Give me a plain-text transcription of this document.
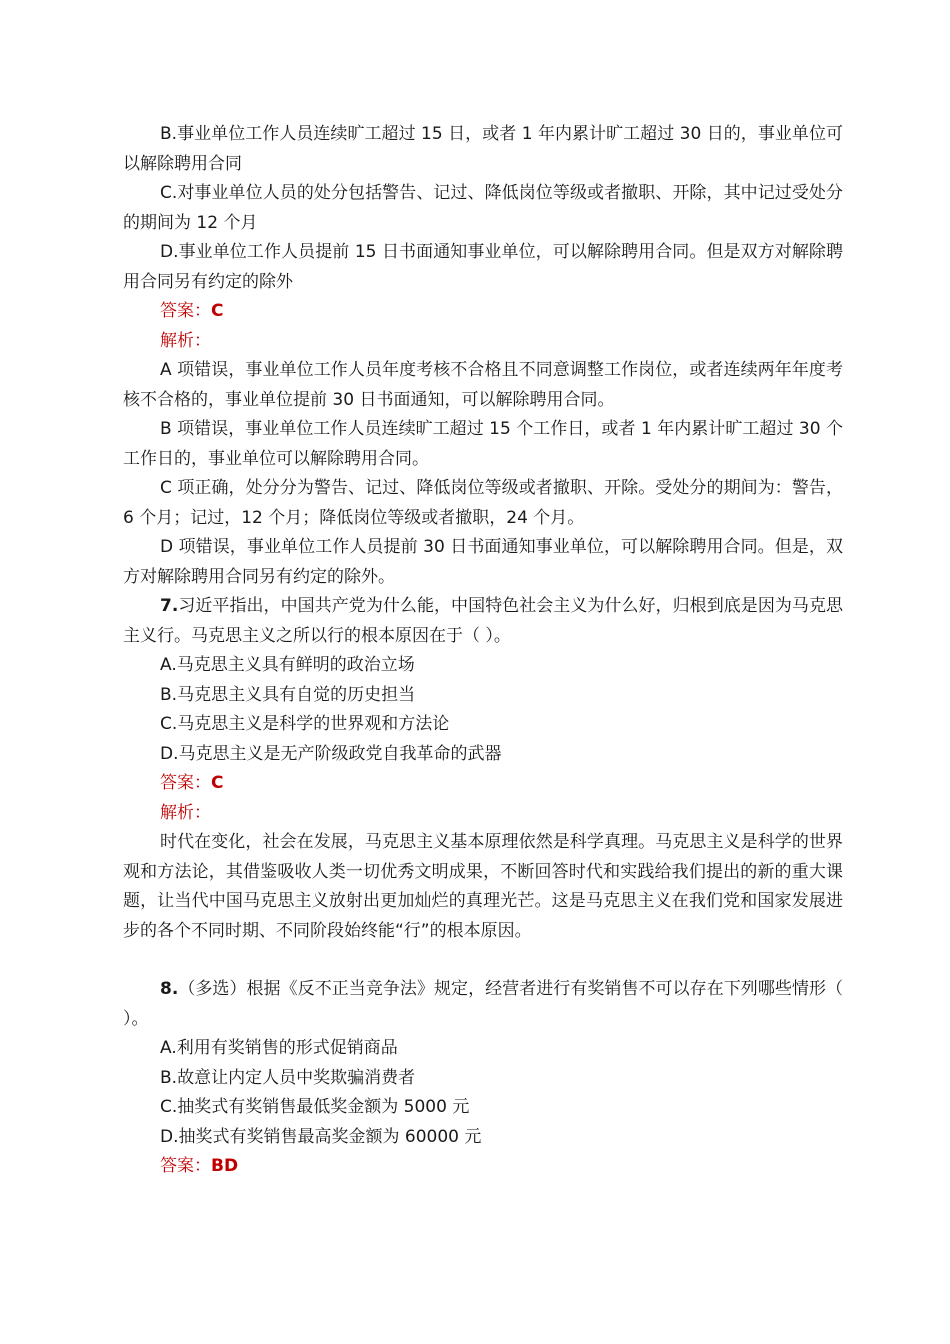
B.事业单位工作人员连续旷工超过 15 日，或者 1 年内累计旷工超过 30 日的，事业单位可以解除聘用合同

C.对事业单位人员的处分包括警告、记过、降低岗位等级或者撤职、开除，其中记过受处分的期间为 12 个月

D.事业单位工作人员提前 15 日书面通知事业单位，可以解除聘用合同。但是双方对解除聘用合同另有约定的除外

答案：C

解析：

A 项错误，事业单位工作人员年度考核不合格且不同意调整工作岗位，或者连续两年年度考核不合格的，事业单位提前 30 日书面通知，可以解除聘用合同。

B 项错误，事业单位工作人员连续旷工超过 15 个工作日，或者 1 年内累计旷工超过 30 个工作日的，事业单位可以解除聘用合同。

C 项正确，处分分为警告、记过、降低岗位等级或者撤职、开除。受处分的期间为：警告，6 个月；记过，12 个月；降低岗位等级或者撤职，24 个月。

D 项错误，事业单位工作人员提前 30 日书面通知事业单位，可以解除聘用合同。但是，双方对解除聘用合同另有约定的除外。

7.习近平指出，中国共产党为什么能，中国特色社会主义为什么好，归根到底是因为马克思主义行。马克思主义之所以行的根本原因在于（ ）。

A.马克思主义具有鲜明的政治立场

B.马克思主义具有自觉的历史担当

C.马克思主义是科学的世界观和方法论

D.马克思主义是无产阶级政党自我革命的武器

答案：C

解析：

时代在变化，社会在发展，马克思主义基本原理依然是科学真理。马克思主义是科学的世界观和方法论，其借鉴吸收人类一切优秀文明成果，不断回答时代和实践给我们提出的新的重大课题，让当代中国马克思主义放射出更加灿烂的真理光芒。这是马克思主义在我们党和国家发展进步的各个不同时期、不同阶段始终能“行”的根本原因。

8.（多选）根据《反不正当竞争法》规定，经营者进行有奖销售不可以存在下列哪些情形（ ）。

A.利用有奖销售的形式促销商品

B.故意让内定人员中奖欺骗消费者

C.抽奖式有奖销售最低奖金额为 5000 元

D.抽奖式有奖销售最高奖金额为 60000 元

答案：BD
